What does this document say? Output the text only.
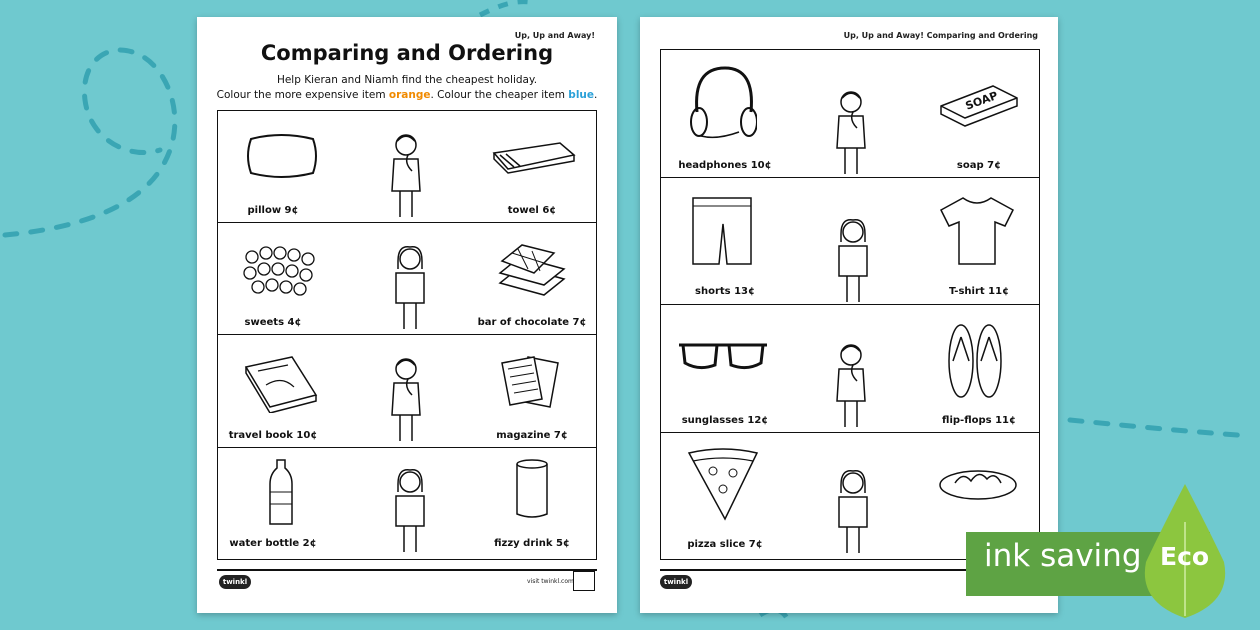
Up, Up and Away!
Comparing and Ordering
Help Kieran and Niamh find the cheapest holiday.
Colour the more expensive item orange. Colour the cheaper item blue.
pillow 9¢	towel 6¢
sweets 4¢	bar of chocolate 7¢
travel book 10¢	magazine 7¢
water bottle 2¢	fizzy drink 5¢
twinkl	visit twinkl.com
Up, Up and Away! Comparing and Ordering
SOAP
headphones 10¢	soap 7¢
shorts 13¢	T-shirt 11¢
sunglasses 12¢	flip-flops 11¢
pizza slice 7¢
twinkl
ink saving Eco
